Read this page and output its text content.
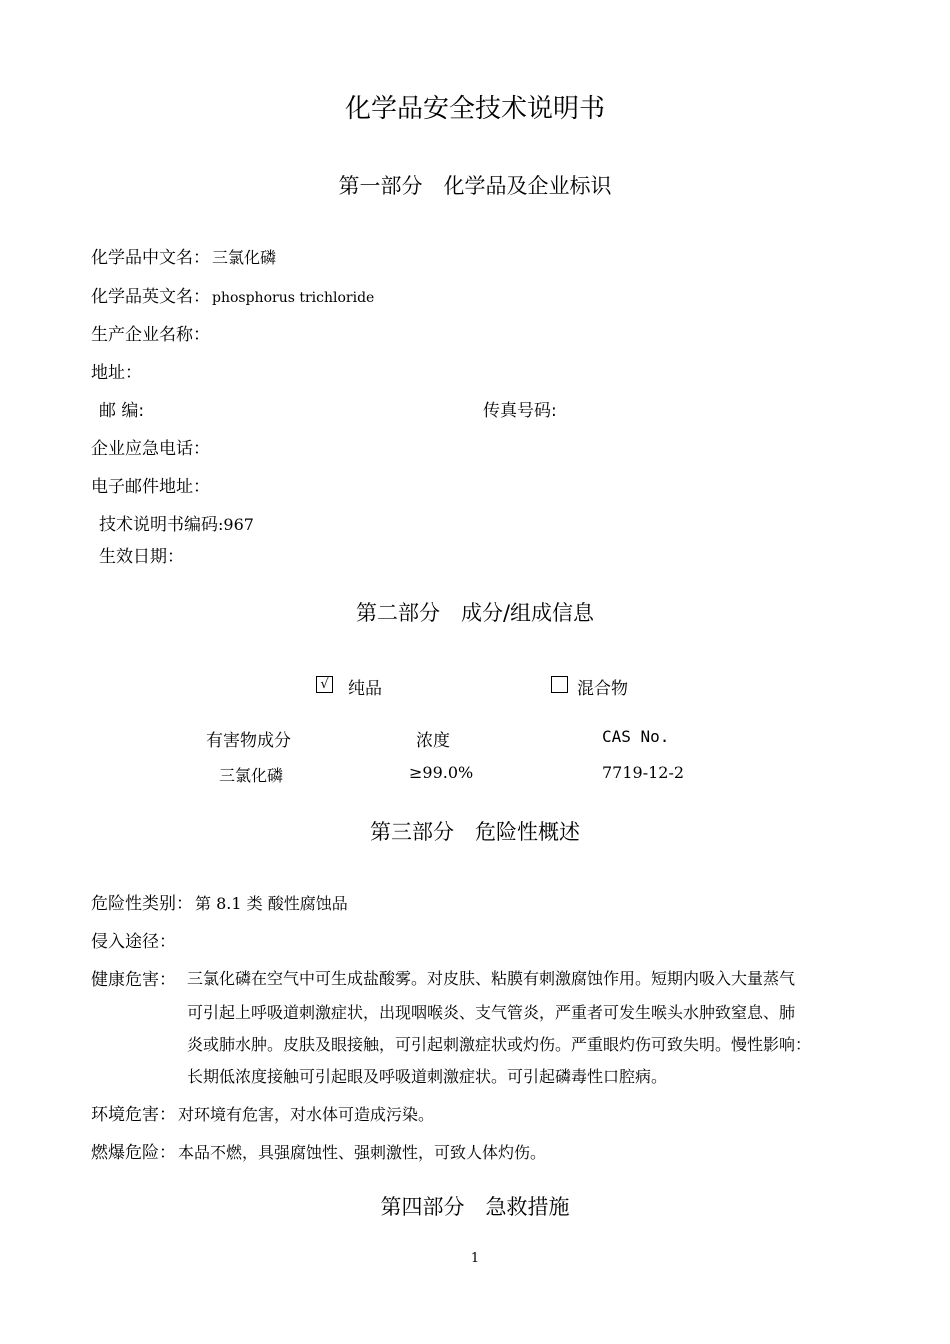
化学品安全技术说明书
第一部分　化学品及企业标识
化学品中文名： 三氯化磷
化学品英文名： phosphorus trichloride
生产企业名称：
地址：
邮 编:	传真号码:
企业应急电话：
电子邮件地址：
技术说明书编码:967
生效日期：
第二部分　成分/组成信息
√ 纯品	混合物
有害物成分	浓度	CAS No.
三氯化磷	≥99.0%	7719-12-2
第三部分　危险性概述
危险性类别： 第 8.1 类 酸性腐蚀品
侵入途径：
健康危害： 三氯化磷在空气中可生成盐酸雾。对皮肤、粘膜有刺激腐蚀作用。短期内吸入大量蒸气
可引起上呼吸道刺激症状，出现咽喉炎、支气管炎，严重者可发生喉头水肿致窒息、肺
炎或肺水肿。皮肤及眼接触，可引起刺激症状或灼伤。严重眼灼伤可致失明。慢性影响：
长期低浓度接触可引起眼及呼吸道刺激症状。可引起磷毒性口腔病。
环境危害： 对环境有危害，对水体可造成污染。
燃爆危险： 本品不燃，具强腐蚀性、强刺激性，可致人体灼伤。
第四部分　急救措施
1
